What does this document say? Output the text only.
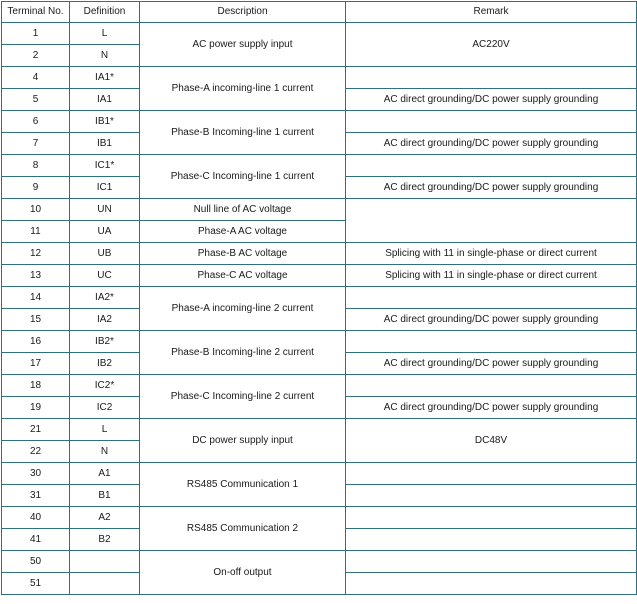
Terminal No.	Definition	Description	Remark
1	L	AC power supply input	AC220V
2	N		
4	IA1*	Phase-A incoming-line 1 current	
5	IA1		AC direct grounding/DC power supply grounding
6	IB1*	Phase-B Incoming-line 1 current	
7	IB1		AC direct grounding/DC power supply grounding
8	IC1*	Phase-C Incoming-line 1 current	
9	IC1		AC direct grounding/DC power supply grounding
10	UN	Null line of AC voltage	
11	UA	Phase-A AC voltage	
12	UB	Phase-B AC voltage	Splicing with 11 in single-phase or direct current
13	UC	Phase-C AC voltage	Splicing with 11 in single-phase or direct current
14	IA2*	Phase-A incoming-line 2 current	
15	IA2		AC direct grounding/DC power supply grounding
16	IB2*	Phase-B Incoming-line 2 current	
17	IB2		AC direct grounding/DC power supply grounding
18	IC2*	Phase-C Incoming-line 2 current	
19	IC2		AC direct grounding/DC power supply grounding
21	L	DC power supply input	DC48V
22	N		
30	A1	RS485 Communication 1	
31	B1		
40	A2	RS485 Communication 2	
41	B2		
50		On-off output	
51			
